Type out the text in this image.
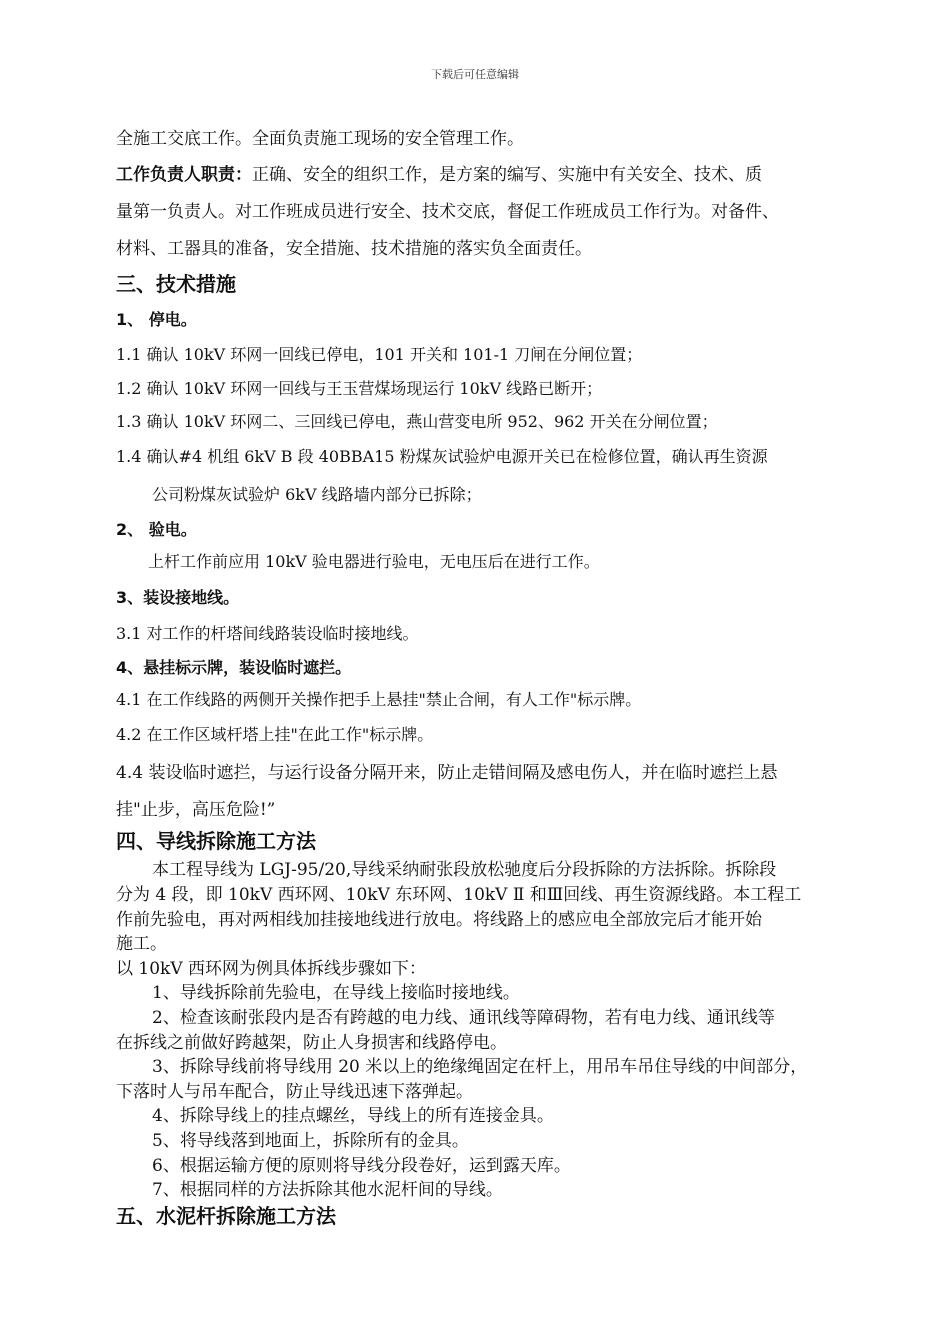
下载后可任意编辑
全施工交底工作。全面负责施工现场的安全管理工作。
工作负责人职责：正确、安全的组织工作，是方案的编写、实施中有关安全、技术、质
量第一负责人。对工作班成员进行安全、技术交底，督促工作班成员工作行为。对备件、
材料、工器具的准备，安全措施、技术措施的落实负全面责任。
三、技术措施
1、 停电。
1.1 确认 10kV 环网一回线已停电，101 开关和 101-1 刀闸在分闸位置；
1.2 确认 10kV 环网一回线与王玉营煤场现运行 10kV 线路已断开；
1.3 确认 10kV 环网二、三回线已停电，燕山营变电所 952、962 开关在分闸位置；
1.4 确认#4 机组 6kV B 段 40BBA15 粉煤灰试验炉电源开关已在检修位置，确认再生资源
公司粉煤灰试验炉 6kV 线路墙内部分已拆除；
2、 验电。
上杆工作前应用 10kV 验电器进行验电，无电压后在进行工作。
3、装设接地线。
3.1 对工作的杆塔间线路装设临时接地线。
4、悬挂标示牌，装设临时遮拦。
4.1 在工作线路的两侧开关操作把手上悬挂"禁止合闸，有人工作"标示牌。
4.2 在工作区域杆塔上挂"在此工作"标示牌。
4.4 装设临时遮拦，与运行设备分隔开来，防止走错间隔及感电伤人，并在临时遮拦上悬
挂"止步，高压危险!”
四、导线拆除施工方法
本工程导线为 LGJ-95/20,导线采纳耐张段放松驰度后分段拆除的方法拆除。拆除段
分为 4 段，即 10kV 西环网、10kV 东环网、10kV Ⅱ 和Ⅲ回线、再生资源线路。本工程工
作前先验电，再对两相线加挂接地线进行放电。将线路上的感应电全部放完后才能开始
施工。
以 10kV 西环网为例具体拆线步骤如下：
1、导线拆除前先验电，在导线上接临时接地线。
2、检查该耐张段内是否有跨越的电力线、通讯线等障碍物，若有电力线、通讯线等
在拆线之前做好跨越架，防止人身损害和线路停电。
3、拆除导线前将导线用 20 米以上的绝缘绳固定在杆上，用吊车吊住导线的中间部分，
下落时人与吊车配合，防止导线迅速下落弹起。
4、拆除导线上的挂点螺丝，导线上的所有连接金具。
5、将导线落到地面上，拆除所有的金具。
6、根据运输方便的原则将导线分段卷好，运到露天库。
7、根据同样的方法拆除其他水泥杆间的导线。
五、水泥杆拆除施工方法
